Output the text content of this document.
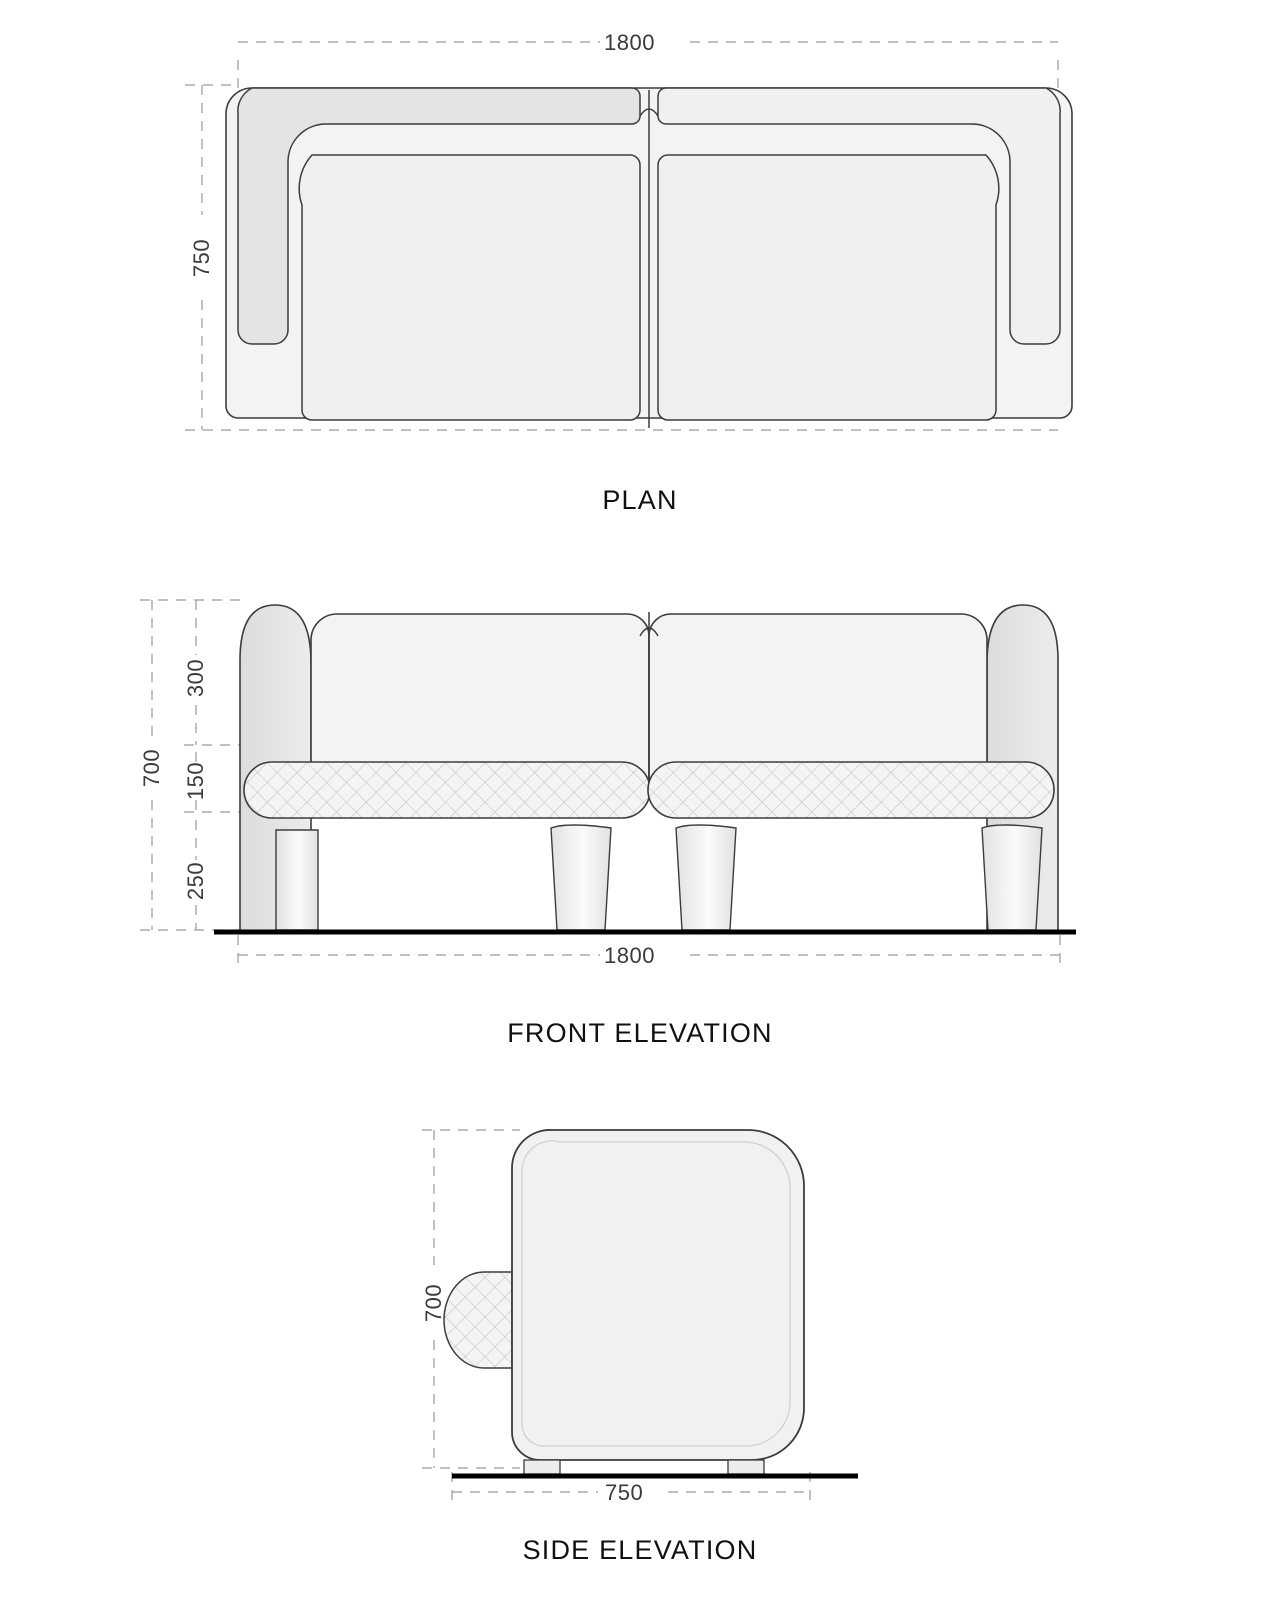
1800
750
700
300
150
250
1800
700
750
PLAN
FRONT ELEVATION
SIDE ELEVATION
